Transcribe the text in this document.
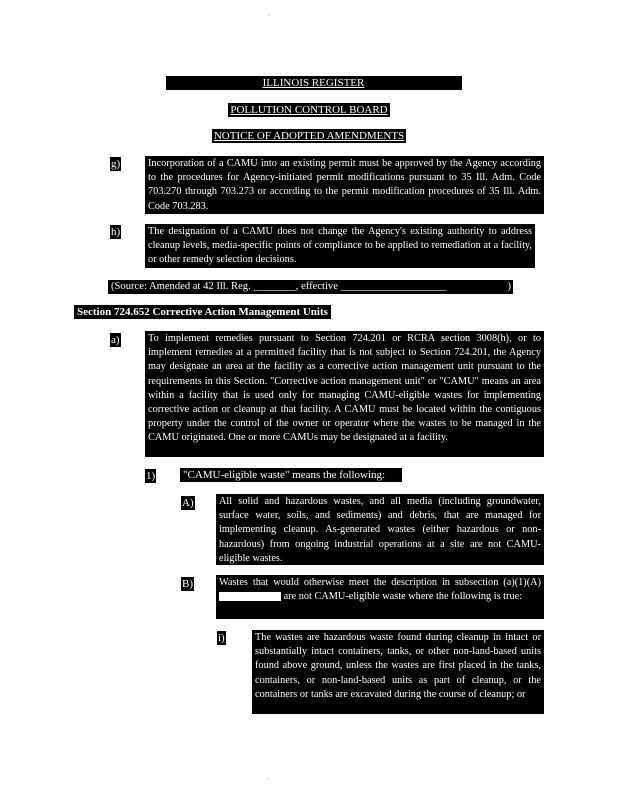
ILLINOIS REGISTER
POLLUTION CONTROL BOARD
NOTICE OF ADOPTED AMENDMENTS
g)	Incorporation of a CAMU into an existing permit must be approved by the Agency according to the procedures for Agency-initiated permit modifications pursuant to 35 Ill. Adm. Code 703.270 through 703.273 or according to the permit modification procedures of 35 Ill. Adm. Code 703.283.
h)	The designation of a CAMU does not change the Agency's existing authority to address cleanup levels, media-specific points of compliance to be applied to remediation at a facility, or other remedy selection decisions.
(Source: Amended at 42 Ill. Reg. ________, effective ____________________	)
Section 724.652 Corrective Action Management Units
a)	To implement remedies pursuant to Section 724.201 or RCRA section 3008(h), or to implement remedies at a permitted facility that is not subject to Section 724.201, the Agency may designate an area at the facility as a corrective action management unit pursuant to the requirements in this Section. "Corrective action management unit" or "CAMU" means an area within a facility that is used only for managing CAMU-eligible wastes for implementing corrective action or cleanup at that facility. A CAMU must be located within the contiguous property under the control of the owner or operator where the wastes to be managed in the CAMU originated. One or more CAMUs may be designated at a facility.
1)	"CAMU-eligible waste" means the following:
A) All solid and hazardous wastes, and all media (including groundwater, surface water, soils, and sediments) and debris, that are managed for implementing cleanup. As-generated wastes (either hazardous or non-hazardous) from ongoing industrial operations at a site are not CAMU-eligible wastes.
B)	Wastes that would otherwise meet the description in subsection (a)(1)(A)  are not CAMU-eligible waste where the following is true:
i)	The wastes are hazardous waste found during cleanup in intact or substantially intact containers, tanks, or other non-land-based units found above ground, unless the wastes are first placed in the tanks, containers, or non-land-based units as part of cleanup, or the containers or tanks are excavated during the course of cleanup; or
